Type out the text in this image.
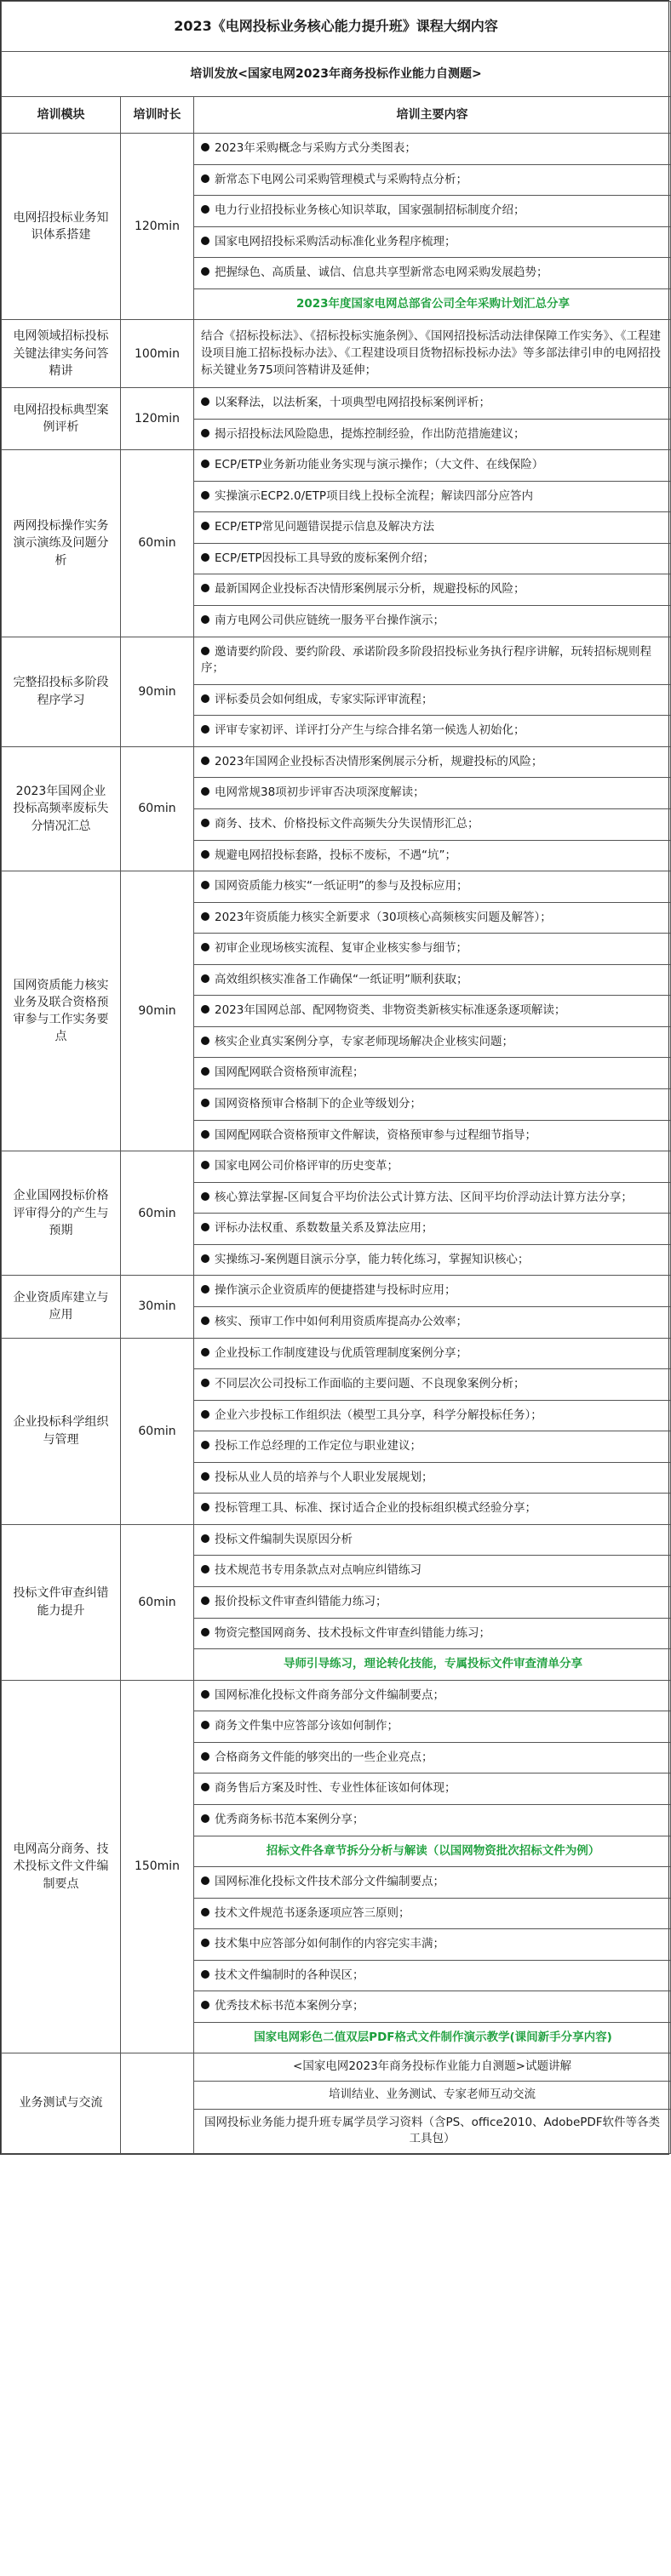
2023《电网投标业务核心能力提升班》课程大纲内容		
培训发放<国家电网2023年商务投标作业能力自测题>		
培训模块	培训时长	培训主要内容
电网招投标业务知识体系搭建	120min	2023年采购概念与采购方式分类图表；
		新常态下电网公司采购管理模式与采购特点分析；
		电力行业招投标业务核心知识萃取，国家强制招标制度介绍；
		国家电网招投标采购活动标准化业务程序梳理；
		把握绿色、高质量、诚信、信息共享型新常态电网采购发展趋势；
		2023年度国家电网总部省公司全年采购计划汇总分享
电网领域招标投标关键法律实务问答精讲	100min	结合《招标投标法》、《招标投标实施条例》、《国网招投标活动法律保障工作实务》、《工程建设项目施工招标投标办法》、《工程建设项目货物招标投标办法》等多部法律引申的电网招投标关键业务75项问答精讲及延伸；
电网招投标典型案例评析	120min	以案释法，以法析案，十项典型电网招投标案例评析；
		揭示招投标法风险隐患，提炼控制经验，作出防范措施建议；
两网投标操作实务演示演练及问题分析	60min	ECP/ETP业务新功能业务实现与演示操作；（大文件、在线保险）
		实操演示ECP2.0/ETP项目线上投标全流程；解读四部分应答内
		ECP/ETP常见问题错误提示信息及解决方法
		ECP/ETP因投标工具导致的废标案例介绍；
		最新国网企业投标否决情形案例展示分析，规避投标的风险；
		南方电网公司供应链统一服务平台操作演示；
完整招投标多阶段程序学习	90min	邀请要约阶段、要约阶段、承诺阶段多阶段招投标业务执行程序讲解，玩转招标规则程序；
		评标委员会如何组成，专家实际评审流程；
		评审专家初评、详评打分产生与综合排名第一候选人初始化；
2023年国网企业投标高频率废标失分情况汇总	60min	2023年国网企业投标否决情形案例展示分析，规避投标的风险；
		电网常规38项初步评审否决项深度解读；
		商务、技术、价格投标文件高频失分失误情形汇总；
		规避电网招投标套路，投标不废标，不遇“坑”；
国网资质能力核实业务及联合资格预审参与工作实务要点	90min	国网资质能力核实“一纸证明”的参与及投标应用；
		2023年资质能力核实全新要求（30项核心高频核实问题及解答）；
		初审企业现场核实流程、复审企业核实参与细节；
		高效组织核实准备工作确保“一纸证明”顺利获取；
		2023年国网总部、配网物资类、非物资类新核实标准逐条逐项解读；
		核实企业真实案例分享，专家老师现场解决企业核实问题；
		国网配网联合资格预审流程；
		国网资格预审合格制下的企业等级划分；
		国网配网联合资格预审文件解读，资格预审参与过程细节指导；
企业国网投标价格评审得分的产生与预期	60min	国家电网公司价格评审的历史变革；
		核心算法掌握-区间复合平均价法公式计算方法、区间平均价浮动法计算方法分享；
		评标办法权重、系数数量关系及算法应用；
		实操练习-案例题目演示分享，能力转化练习，掌握知识核心；
企业资质库建立与应用	30min	操作演示企业资质库的便捷搭建与投标时应用；
		核实、预审工作中如何利用资质库提高办公效率；
企业投标科学组织与管理	60min	企业投标工作制度建设与优质管理制度案例分享；
		不同层次公司投标工作面临的主要问题、不良现象案例分析；
		企业六步投标工作组织法（模型工具分享，科学分解投标任务）；
		投标工作总经理的工作定位与职业建议；
		投标从业人员的培养与个人职业发展规划；
		投标管理工具、标准、探讨适合企业的投标组织模式经验分享；
投标文件审查纠错能力提升	60min	投标文件编制失误原因分析
		技术规范书专用条款点对点响应纠错练习
		报价投标文件审查纠错能力练习；
		物资完整国网商务、技术投标文件审查纠错能力练习；
		导师引导练习，理论转化技能，专属投标文件审查清单分享
电网高分商务、技术投标文件文件编制要点	150min	国网标准化投标文件商务部分文件编制要点；
		商务文件集中应答部分该如何制作；
		合格商务文件能的够突出的一些企业亮点；
		商务售后方案及时性、专业性体征该如何体现；
		优秀商务标书范本案例分享；
		招标文件各章节拆分分析与解读（以国网物资批次招标文件为例）
		国网标准化投标文件技术部分文件编制要点；
		技术文件规范书逐条逐项应答三原则；
		技术集中应答部分如何制作的内容完实丰满；
		技术文件编制时的各种误区；
		优秀技术标书范本案例分享；
		国家电网彩色二值双层PDF格式文件制作演示教学(课间新手分享内容)
业务测试与交流		<国家电网2023年商务投标作业能力自测题>试题讲解
		培训结业、业务测试、专家老师互动交流
		国网投标业务能力提升班专属学员学习资料（含PS、office2010、AdobePDF软件等各类工具包）
